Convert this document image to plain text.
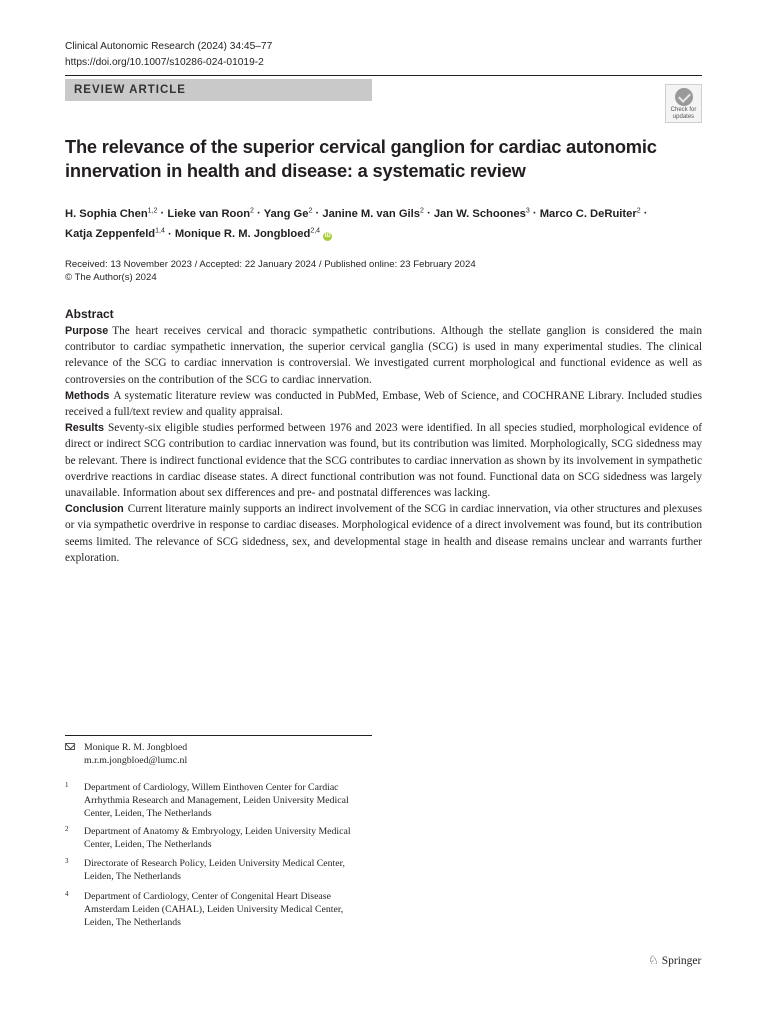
Clinical Autonomic Research (2024) 34:45–77
https://doi.org/10.1007/s10286-024-01019-2
REVIEW ARTICLE
Check for updates
The relevance of the superior cervical ganglion for cardiac autonomic innervation in health and disease: a systematic review
H. Sophia Chen$^{1,2}$ · Lieke van Roon$^2$ · Yang $Ge^2$ · Janine M. van Gils$^2$ · Jan W. Schoones$^3$ · Marco C. DeRuiter$^2$ ·
Katja Zeppenfeld$^{1,4}$ · Monique R. M. Jongbloed$^{2,4}$ iD
Received: 13 November 2023 / Accepted: 22 January 2024 / Published online: 23 February 2024
© The Author(s) 2024
Abstract

Purpose The heart receives cervical and thoracic sympathetic contributions. Although the stellate ganglion is considered the main contributor to cardiac sympathetic innervation, the superior cervical ganglia (SCG) is used in many experimental studies. The clinical relevance of the SCG to cardiac innervation is controversial. We investigated current morphological and functional evidence as well as controversies on the contribution of the SCG to cardiac innervation.

Methods A systematic literature review was conducted in PubMed, Embase, Web of Science, and COCHRANE Library. Included studies received a full/text review and quality appraisal.

Results Seventy-six eligible studies performed between 1976 and 2023 were identified. In all species studied, morphological evidence of direct or indirect SCG contribution to cardiac innervation was found, but its contribution was limited. Morphologically, SCG sidedness may be relevant. There is indirect functional evidence that the SCG contributes to cardiac innervation as shown by its involvement in sympathetic overdrive reactions in cardiac disease states. A direct functional contribution was not found. Functional data on SCG sidedness was largely unavailable. Information about sex differences and pre- and postnatal differences was lacking.

Conclusion Current literature mainly supports an indirect involvement of the SCG in cardiac innervation, via other structures and plexuses or via sympathetic overdrive in response to cardiac diseases. Morphological evidence of a direct involvement was found, but its contribution seems limited. The relevance of SCG sidedness, sex, and developmental stage in health and disease remains unclear and warrants further exploration.

Monique R. M. Jongbloed
m.r.m.jongbloed@lumc.nl
1 Department of Cardiology, Willem Einthoven Center for Cardiac Arrhythmia Research and Management, Leiden University Medical Center, Leiden, The Netherlands
2 Department of Anatomy & Embryology, Leiden University Medical Center, Leiden, The Netherlands
3 Directorate of Research Policy, Leiden University Medical Center, Leiden, The Netherlands
4 Department of Cardiology, Center of Congenital Heart Disease Amsterdam Leiden (CAHAL), Leiden University Medical Center, Leiden, The Netherlands
♘ Springer
